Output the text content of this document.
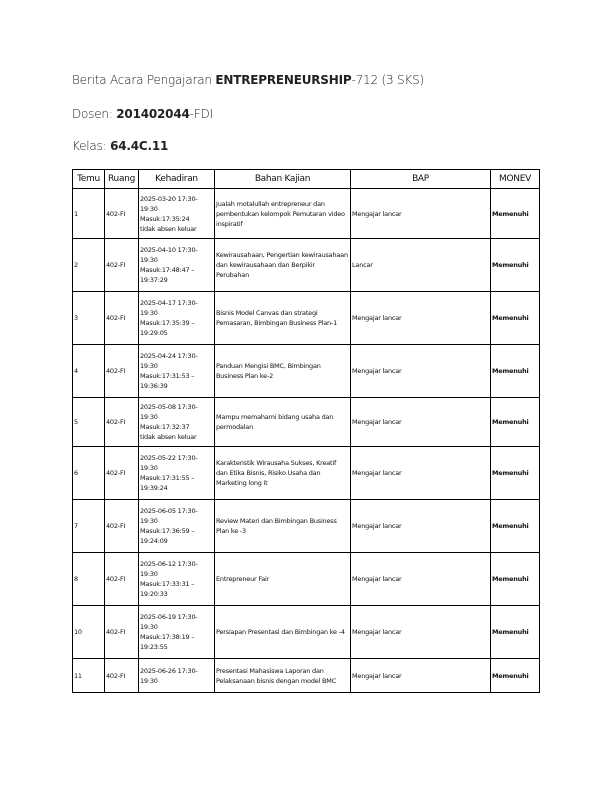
Berita Acara Pengajaran ENTREPRENEURSHIP-712 (3 SKS)
Dosen: 201402044-FDI
Kelas: 64.4C.11
Temu	Ruang	Kehadiran	Bahan Kajian	BAP	MONEV
1	402-FI	2025-03-20 17:30-19:30
Masuk:17:35:24
tidak absen keluar	Jualah motalullah entrepreneur dan pembentukan kelompok Pemutaran video inspiratif	Mengajar lancar	Memenuhi
2	402-FI	2025-04-10 17:30-19:30
Masuk:17:48:47 –
19:37:29	Kewirausahaan, Pengertian kewirausahaan dan kewirausahaan dan Berpikir Perubahan	Lancar	Memenuhi
3	402-FI	2025-04-17 17:30-19:30
Masuk:17:35:39 –
19:29:05	Bisnis Model Canvas dan strategi Pemasaran, Bimbingan Business Plan-1	Mengajar lancar	Memenuhi
4	402-FI	2025-04-24 17:30-19:30
Masuk:17:31:53 –
19:36:39	Panduan Mengisi BMC, Bimbingan Business Plan ke-2	Mengajar lancar	Memenuhi
5	402-FI	2025-05-08 17:30-19:30
Masuk:17:32:37
tidak absen keluar	Mampu memahami bidang usaha dan permodalan	Mengajar lancar	Memenuhi
6	402-FI	2025-05-22 17:30-19:30
Masuk:17:31:55 –
19:39:24	Karakteristik Wirausaha Sukses, Kreatif dan Etika Bisnis, Risiko Usaha dan Marketing long it	Mengajar lancar	Memenuhi
7	402-FI	2025-06-05 17:30-19:30
Masuk:17:36:59 –
19:24:09	Review Materi dan Bimbingan Business Plan ke -3	Mengajar lancar	Memenuhi
8	402-FI	2025-06-12 17:30-19:30
Masuk:17:33:31 –
19:20:33	Entrepreneur Fair	Mengajar lancar	Memenuhi
10	402-FI	2025-06-19 17:30-19:30
Masuk:17:38:19 –
19:23:55	Persiapan Presentasi dan Bimbingan ke -4	Mengajar lancar	Memenuhi
11	402-FI	2025-06-26 17:30-19:30	Presentasi Mahasiswa Laporan dan Pelaksanaan bisnis dengan model BMC	Mengajar lancar	Memenuhi
